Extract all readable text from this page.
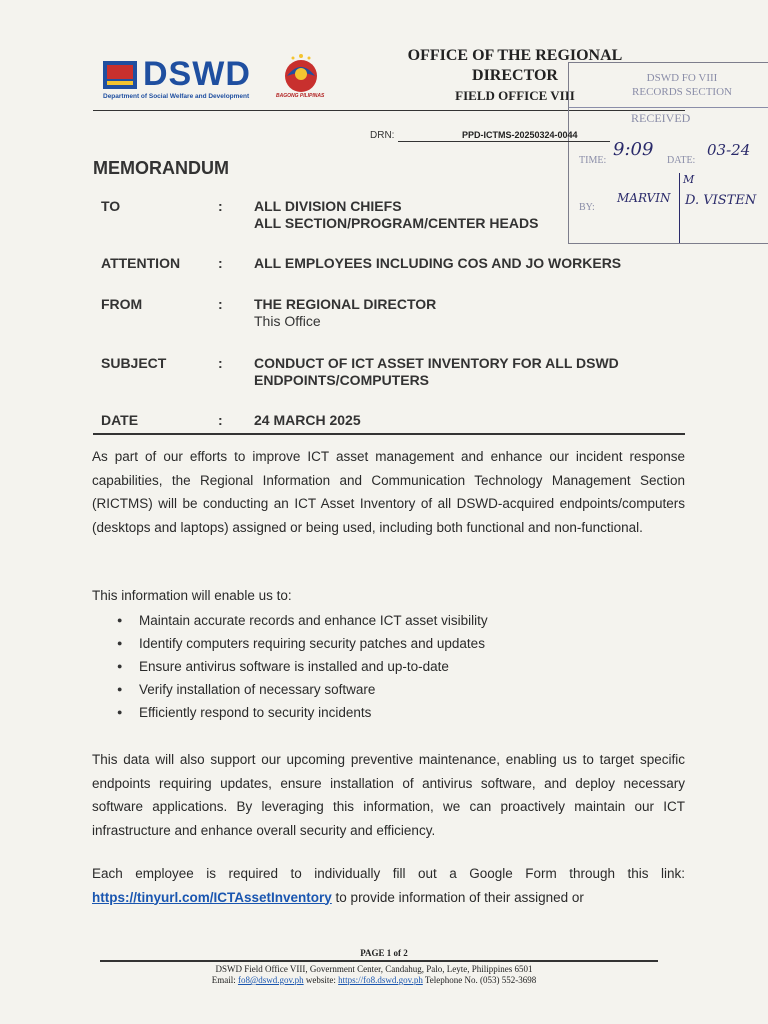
DSWD
Department of Social Welfare and Development	BAGONG PILIPINAS
OFFICE OF THE REGIONAL
DIRECTOR
FIELD OFFICE VIII
DSWD FO VIII
RECORDS SECTION
RECEIVED
TIME:
9:09
DATE:
03-24
BY:
MARVIN
M
D. VISTEN
DRN:	PPD-ICTMS-20250324-0044
MEMORANDUM
TO	: ALL DIVISION CHIEFS
ALL SECTION/PROGRAM/CENTER HEADS
ATTENTION	: ALL EMPLOYEES INCLUDING COS AND JO WORKERS
FROM	: THE REGIONAL DIRECTOR
This Office
SUBJECT	: CONDUCT OF ICT ASSET INVENTORY FOR ALL DSWD
ENDPOINTS/COMPUTERS
DATE	: 24 MARCH 2025
As part of our efforts to improve ICT asset management and enhance our incident response capabilities, the Regional Information and Communication Technology Management Section (RICTMS) will be conducting an ICT Asset Inventory of all DSWD-acquired endpoints/computers (desktops and laptops) assigned or being used, including both functional and non-functional.
This information will enable us to:
● Maintain accurate records and enhance ICT asset visibility
● Identify computers requiring security patches and updates
● Ensure antivirus software is installed and up-to-date
● Verify installation of necessary software
● Efficiently respond to security incidents
This data will also support our upcoming preventive maintenance, enabling us to target specific endpoints requiring updates, ensure installation of antivirus software, and deploy necessary software applications. By leveraging this information, we can proactively maintain our ICT infrastructure and enhance overall security and efficiency.
Each employee is required to individually fill out a Google Form through this link: https://tinyurl.com/ICTAssetInventory to provide information of their assigned or
PAGE 1 of 2
DSWD Field Office VIII, Government Center, Candahug, Palo, Leyte, Philippines 6501
Email: fo8@dswd.gov.ph website: https://fo8.dswd.gov.ph Telephone No. (053) 552-3698
